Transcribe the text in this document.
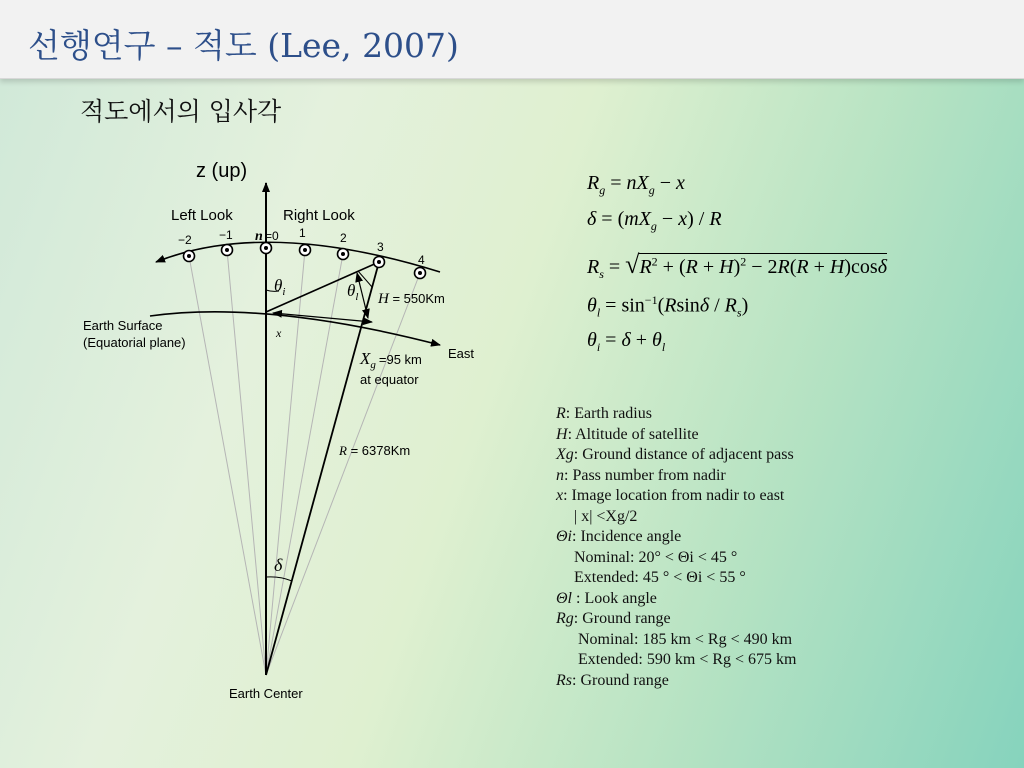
선행연구 – 적도 (Lee, 2007)
적도에서의 입사각
z (up)
Left Look	Right Look
−2 −1 n =0 1	2
3
4
$\theta_i$	$\theta_l$ H = 550Km
Earth Surface
(Equatorial plane)
x
East
$X_g$ $^{=95 km}$
at equator
R = 6378Km
δ
Earth Center
$R_g = nX_g - x$
$\delta = (mX_g - x) / R$
$R_s = √R^2 + (R + H)^2 - 2R(R + H)\cos\delta$
$\theta_l = \sin^{-1}(Rsin\delta / R_s)$
$\theta_i = \delta + \theta_l$
R: Earth radius
H: Altitude of satellite
Xg: Ground distance of adjacent pass
n: Pass number from nadir
x: Image location from nadir to east
| x| <Xg/2
Θi: Incidence angle
Nominal: 20° < Θi < 45 °
Extended: 45 ° < Θi < 55 °
Θl : Look angle
Rg: Ground range
Nominal: 185 km < Rg < 490 km
Extended: 590 km < Rg < 675 km
Rs: Ground range
